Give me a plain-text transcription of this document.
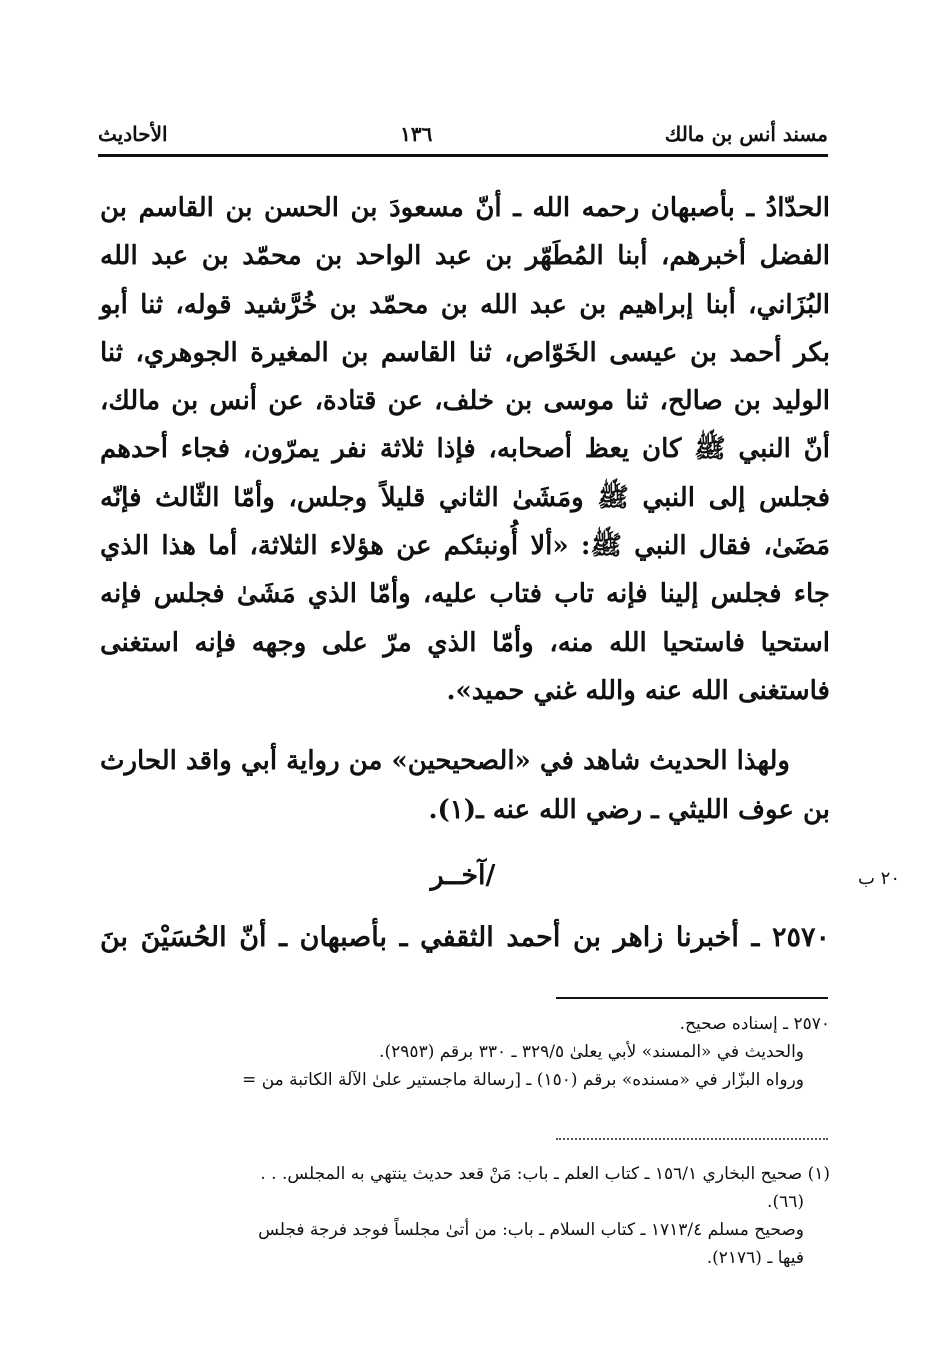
مسند أنس بن مالك
١٣٦
الأحاديث

الحدّادُ ـ بأصبهان رحمه الله ـ أنّ مسعودَ بن الحسن بن القاسم بن الفضل أخبرهم، أبنا المُطَهّر بن عبد الواحد بن محمّد بن عبد الله البُزَاني، أبنا إبراهيم بن عبد الله بن محمّد بن خُرَّشيد قوله، ثنا أبو بكر أحمد بن عيسى الخَوّاص، ثنا القاسم بن المغيرة الجوهري، ثنا الوليد بن صالح، ثنا موسى بن خلف، عن قتادة، عن أنس بن مالك، أنّ النبي ﷺ كان يعظ أصحابه، فإذا ثلاثة نفر يمرّون، فجاء أحدهم فجلس إلى النبي ﷺ ومَشَىٰ الثاني قليلاً وجلس، وأمّا الثّالث فإنّه مَضَىٰ، فقال النبي ﷺ: «ألا أُونبئكم عن هؤلاء الثلاثة، أما هذا الذي جاء فجلس إلينا فإنه تاب فتاب عليه، وأمّا الذي مَشَىٰ فجلس فإنه استحيا فاستحيا الله منه، وأمّا الذي مرّ على وجهه فإنه استغنى فاستغنى الله عنه والله غني حميد».

ولهذا الحديث شاهد في «الصحيحين» من رواية أبي واقد الحارث بن عوف الليثي ـ رضي الله عنه ـ(١).

٢٠ ب
/آخــر
٢٥٧٠ ـ أخبرنا زاهر بن أحمد الثقفي ـ بأصبهان ـ أنّ الحُسَيْنَ بنَ
٢٥٧٠ ـ إسناده صحيح.
والحديث في «المسند» لأبي يعلىٰ ٣٢٩/٥ ـ ٣٣٠ برقم (٢٩٥٣).
ورواه البزّار في «مسنده» برقم (١٥٠) ـ [رسالة ماجستير علىٰ الآلة الكاتبة من =
(١) صحيح البخاري ١٥٦/١ ـ كتاب العلم ـ باب: مَنْ قعد حديث ينتهي به المجلس. . .
(٦٦).
وصحيح مسلم ١٧١٣/٤ ـ كتاب السلام ـ باب: من أتىٰ مجلساً فوجد فرجة فجلس
فيها ـ (٢١٧٦).
